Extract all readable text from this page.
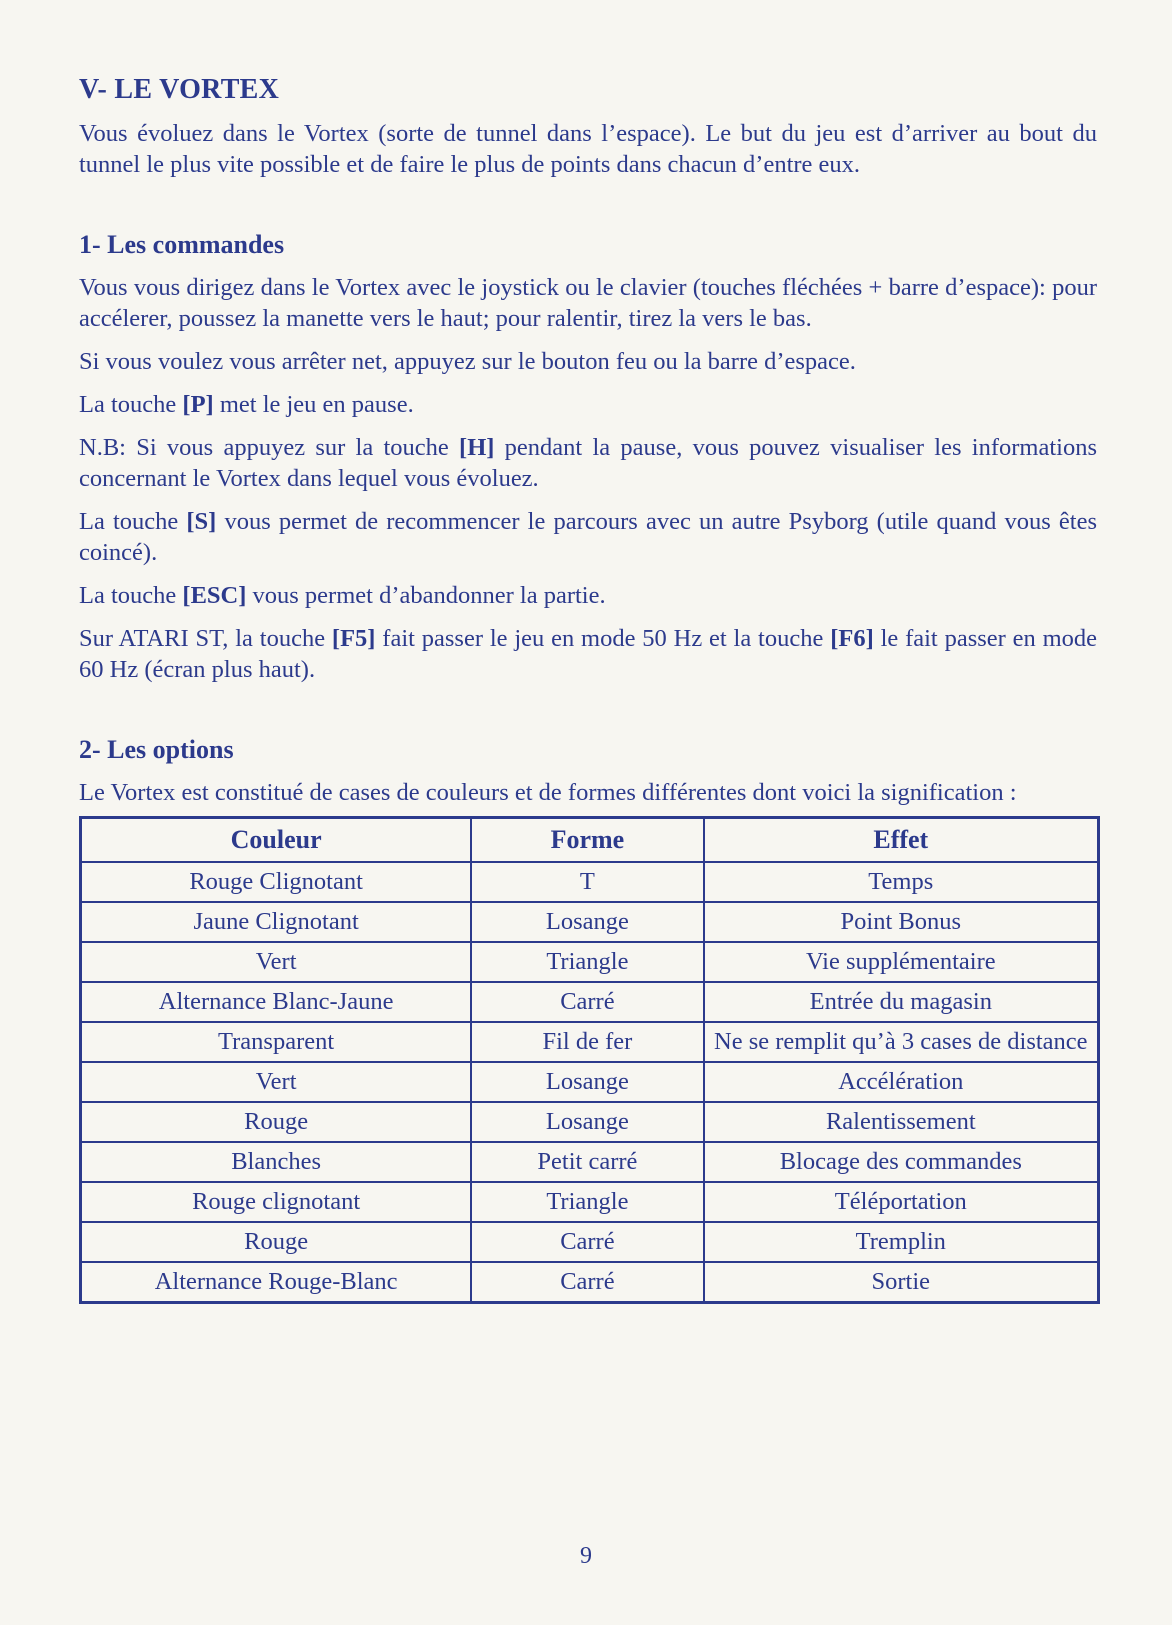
V- LE VORTEX

Vous évoluez dans le Vortex (sorte de tunnel dans l’espace). Le but du jeu est d’arriver au bout du tunnel le plus vite possible et de faire le plus de points dans chacun d’entre eux.

1- Les commandes

Vous vous dirigez dans le Vortex avec le joystick ou le clavier (touches fléchées + barre d’espace): pour accélerer, poussez la manette vers le haut; pour ralentir, tirez la vers le bas.

Si vous voulez vous arrêter net, appuyez sur le bouton feu ou la barre d’espace.

La touche [P] met le jeu en pause.

N.B: Si vous appuyez sur la touche [H] pendant la pause, vous pouvez visualiser les informations concernant le Vortex dans lequel vous évoluez.

La touche [S] vous permet de recommencer le parcours avec un autre Psyborg (utile quand vous êtes coincé).

La touche [ESC] vous permet d’abandonner la partie.

Sur ATARI ST, la touche [F5] fait passer le jeu en mode 50 Hz et la touche [F6] le fait passer en mode 60 Hz (écran plus haut).

2- Les options

Le Vortex est constitué de cases de couleurs et de formes différentes dont voici la signification :

Couleur	Forme	Effet
Rouge Clignotant	T	Temps
Jaune Clignotant	Losange	Point Bonus
Vert	Triangle	Vie supplémentaire
Alternance Blanc-Jaune	Carré	Entrée du magasin
Transparent	Fil de fer	Ne se remplit qu’à 3 cases de distance
Vert	Losange	Accélération
Rouge	Losange	Ralentissement
Blanches	Petit carré	Blocage des commandes
Rouge clignotant	Triangle	Téléportation
Rouge	Carré	Tremplin
Alternance Rouge-Blanc	Carré	Sortie
9
